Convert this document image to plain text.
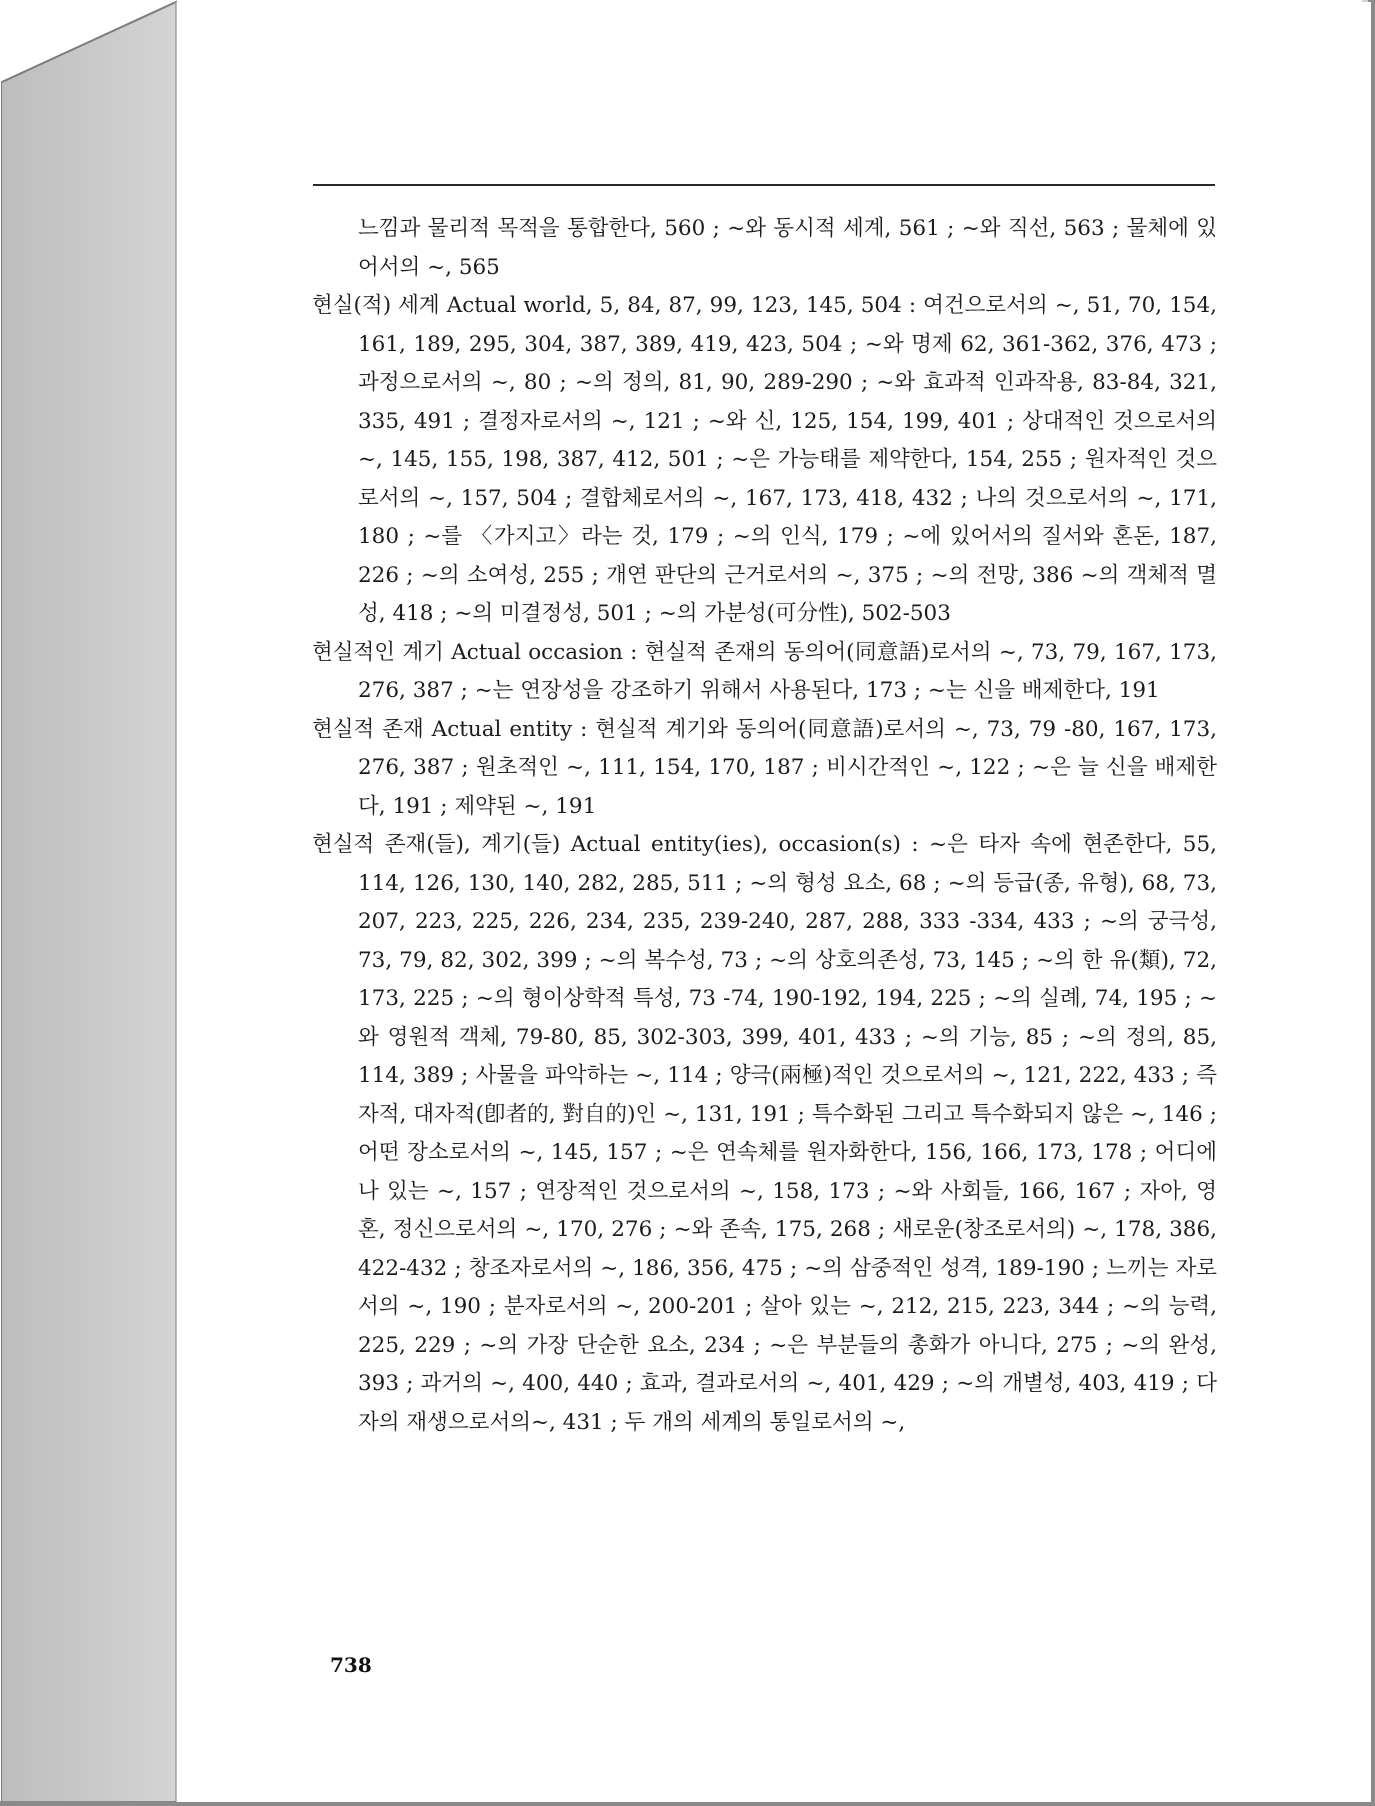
느낌과 물리적 목적을 통합한다, 560 ; ~와 동시적 세계, 561 ; ~와 직선, 563 ; 물체에 있어서의 ~, 565

현실(적) 세계 Actual world, 5, 84, 87, 99, 123, 145, 504 : 여건으로서의 ~, 51, 70, 154, 161, 189, 295, 304, 387, 389, 419, 423, 504 ; ~와 명제 62, 361-362, 376, 473 ; 과정으로서의 ~, 80 ; ~의 정의, 81, 90, 289-290 ; ~와 효과적 인과작용, 83-84, 321, 335, 491 ; 결정자로서의 ~, 121 ; ~와 신, 125, 154, 199, 401 ; 상대적인 것으로서의 ~, 145, 155, 198, 387, 412, 501 ; ~은 가능태를 제약한다, 154, 255 ; 원자적인 것으로서의 ~, 157, 504 ; 결합체로서의 ~, 167, 173, 418, 432 ; 나의 것으로서의 ~, 171, 180 ; ~를 〈가지고〉라는 것, 179 ; ~의 인식, 179 ; ~에 있어서의 질서와 혼돈, 187, 226 ; ~의 소여성, 255 ; 개연 판단의 근거로서의 ~, 375 ; ~의 전망, 386 ~의 객체적 멸성, 418 ; ~의 미결정성, 501 ; ~의 가분성(可分性), 502-503

현실적인 계기 Actual occasion : 현실적 존재의 동의어(同意語)로서의 ~, 73, 79, 167, 173, 276, 387 ; ~는 연장성을 강조하기 위해서 사용된다, 173 ; ~는 신을 배제한다, 191

현실적 존재 Actual entity : 현실적 계기와 동의어(同意語)로서의 ~, 73, 79 -80, 167, 173, 276, 387 ; 원초적인 ~, 111, 154, 170, 187 ; 비시간적인 ~, 122 ; ~은 늘 신을 배제한다, 191 ; 제약된 ~, 191

현실적 존재(들), 계기(들) Actual entity(ies), occasion(s) : ~은 타자 속에 현존한다, 55, 114, 126, 130, 140, 282, 285, 511 ; ~의 형성 요소, 68 ; ~의 등급(종, 유형), 68, 73, 207, 223, 225, 226, 234, 235, 239-240, 287, 288, 333 -334, 433 ; ~의 궁극성, 73, 79, 82, 302, 399 ; ~의 복수성, 73 ; ~의 상호의존성, 73, 145 ; ~의 한 유(類), 72, 173, 225 ; ~의 형이상학적 특성, 73 -74, 190-192, 194, 225 ; ~의 실례, 74, 195 ; ~와 영원적 객체, 79-80, 85, 302-303, 399, 401, 433 ; ~의 기능, 85 ; ~의 정의, 85, 114, 389 ; 사물을 파악하는 ~, 114 ; 양극(兩極)적인 것으로서의 ~, 121, 222, 433 ; 즉자적, 대자적(卽者的, 對自的)인 ~, 131, 191 ; 특수화된 그리고 특수화되지 않은 ~, 146 ; 어떤 장소로서의 ~, 145, 157 ; ~은 연속체를 원자화한다, 156, 166, 173, 178 ; 어디에나 있는 ~, 157 ; 연장적인 것으로서의 ~, 158, 173 ; ~와 사회들, 166, 167 ; 자아, 영혼, 정신으로서의 ~, 170, 276 ; ~와 존속, 175, 268 ; 새로운(창조로서의) ~, 178, 386, 422-432 ; 창조자로서의 ~, 186, 356, 475 ; ~의 삼중적인 성격, 189-190 ; 느끼는 자로서의 ~, 190 ; 분자로서의 ~, 200-201 ; 살아 있는 ~, 212, 215, 223, 344 ; ~의 능력, 225, 229 ; ~의 가장 단순한 요소, 234 ; ~은 부분들의 총화가 아니다, 275 ; ~의 완성, 393 ; 과거의 ~, 400, 440 ; 효과, 결과로서의 ~, 401, 429 ; ~의 개별성, 403, 419 ; 다자의 재생으로서의~, 431 ; 두 개의 세계의 통일로서의 ~,

738
